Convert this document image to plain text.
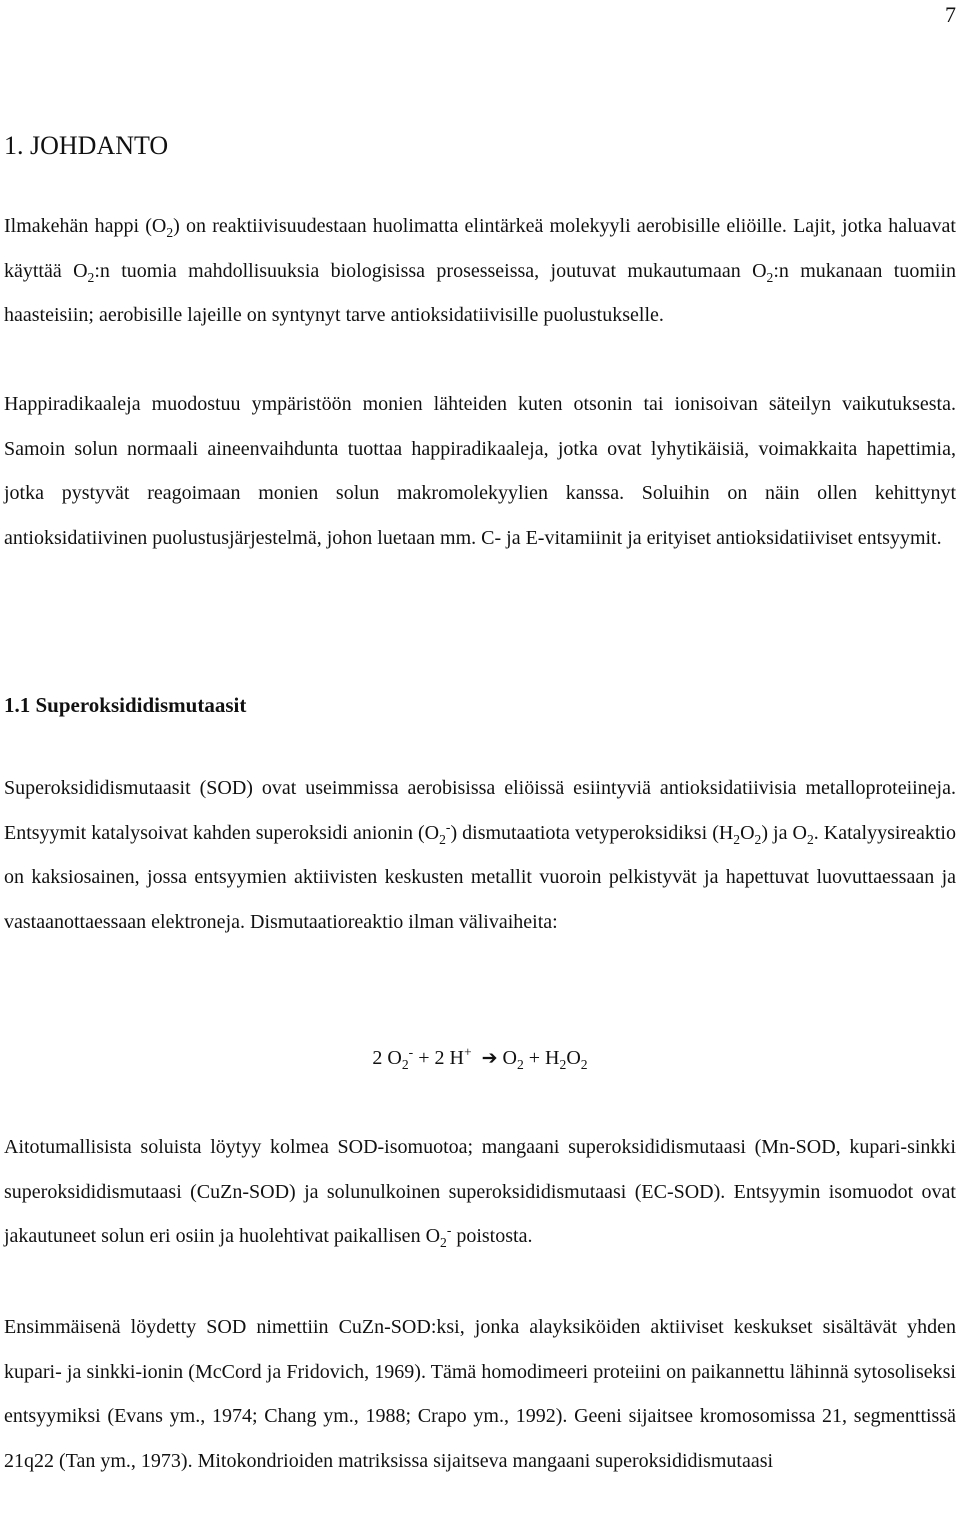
7
1. JOHDANTO

Ilmakehän happi $(O_2)$ on reaktiivisuudestaan huolimatta elintärkeä molekyyli aerobisille eliöille. Lajit, jotka haluavat käyttää $O_2:n$ tuomia mahdollisuuksia biologisissa prosesseissa, joutuvat mukautumaan $O_2:n$ mukanaan tuomiin haasteisiin; aerobisille lajeille on syntynyt tarve antioksidatiivisille puolustukselle.

Happiradikaaleja muodostuu ympäristöön monien lähteiden kuten otsonin tai ionisoivan säteilyn vaikutuksesta. Samoin solun normaali aineenvaihdunta tuottaa happiradikaaleja, jotka ovat lyhytikäisiä, voimakkaita hapettimia, jotka pystyvät reagoimaan monien solun makromolekyylien kanssa. Soluihin on näin ollen kehittynyt antioksidatiivinen puolustusjärjestelmä, johon luetaan mm. C- ja E-vitamiinit ja erityiset antioksidatiiviset entsyymit.

1.1 Superoksididismutaasit

Superoksididismutaasit (SOD) ovat useimmissa aerobisissa eliöissä esiintyviä antioksidatiivisia metalloproteiineja. Entsyymit katalysoivat kahden superoksidi anionin $(O_2^-)$ dismutaatiota vetyperoksidiksi $(H_2O_2)$ ja $O_2$. Katalyysireaktio on kaksiosainen, jossa entsyymien aktiivisten keskusten metallit vuoroin pelkistyvät ja hapettuvat luovuttaessaan ja vastaanottaessaan elektroneja. Dismutaatioreaktio ilman välivaiheita:

2 $O_2^- + 2$ H+ ➔ $O_2 + H_2O_2$

Aitotumallisista soluista löytyy kolmea SOD-isomuotoa; mangaani superoksididismutaasi (Mn-SOD, kupari-sinkki superoksididismutaasi (CuZn-SOD) ja solunulkoinen superoksididismutaasi (EC-SOD). Entsyymin isomuodot ovat jakautuneet solun eri osiin ja huolehtivat paikallisen $O_2^-$ poistosta.

Ensimmäisenä löydetty SOD nimettiin CuZn-SOD:ksi, jonka alayksiköiden aktiiviset keskukset sisältävät yhden kupari- ja sinkki-ionin (McCord ja Fridovich, 1969). Tämä homodimeeri proteiini on paikannettu lähinnä sytosoliseksi entsyymiksi (Evans ym., 1974; Chang ym., 1988; Crapo ym., 1992). Geeni sijaitsee kromosomissa 21, segmenttissä 21q22 (Tan ym., 1973). Mitokondrioiden matriksissa sijaitseva mangaani superoksididismutaasi
